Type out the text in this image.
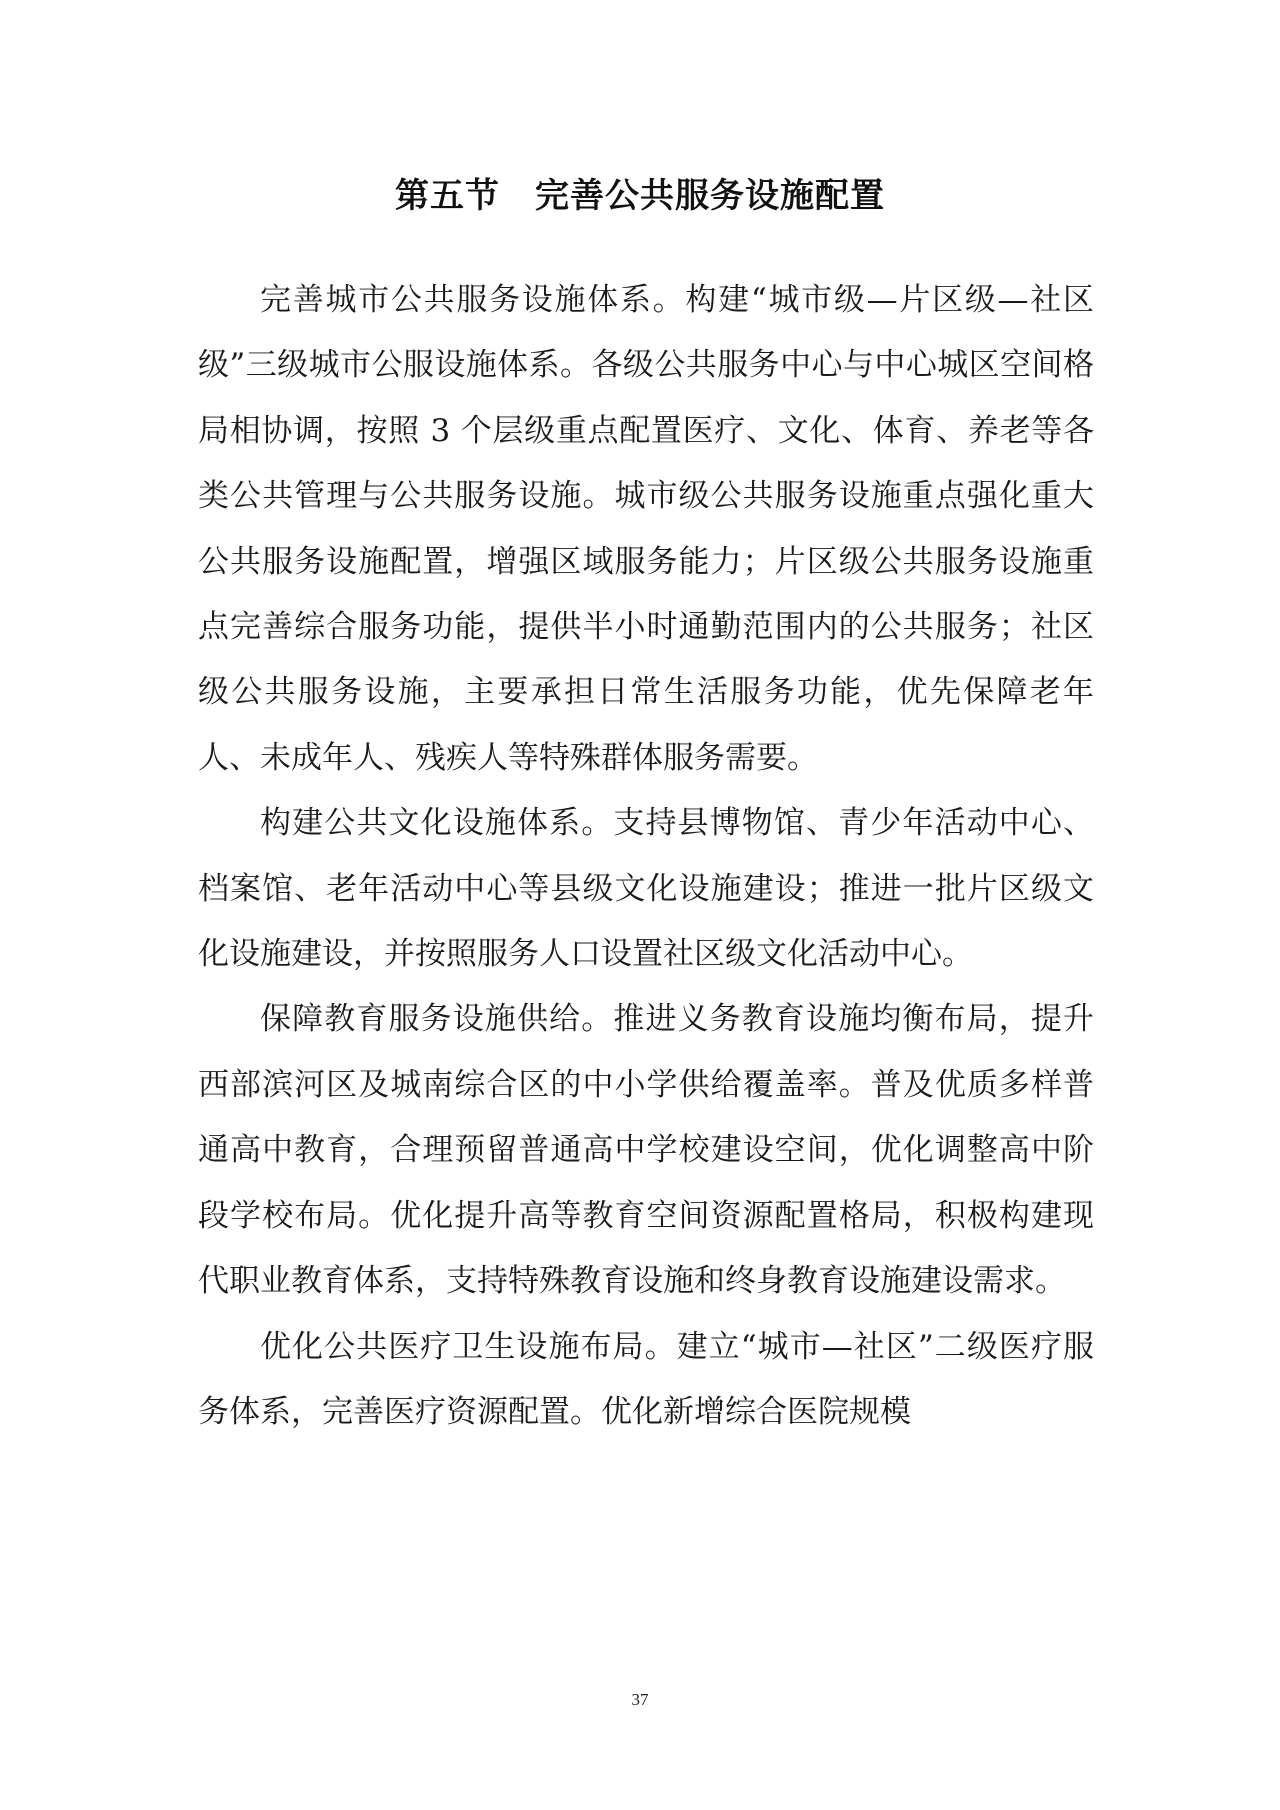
第五节　完善公共服务设施配置

完善城市公共服务设施体系。构建“城市级—片区级—社区级”三级城市公服设施体系。各级公共服务中心与中心城区空间格局相协调，按照 3 个层级重点配置医疗、文化、体育、养老等各类公共管理与公共服务设施。城市级公共服务设施重点强化重大公共服务设施配置，增强区域服务能力；片区级公共服务设施重点完善综合服务功能，提供半小时通勤范围内的公共服务；社区级公共服务设施，主要承担日常生活服务功能，优先保障老年人、未成年人、残疾人等特殊群体服务需要。

构建公共文化设施体系。支持县博物馆、青少年活动中心、档案馆、老年活动中心等县级文化设施建设；推进一批片区级文化设施建设，并按照服务人口设置社区级文化活动中心。

保障教育服务设施供给。推进义务教育设施均衡布局，提升西部滨河区及城南综合区的中小学供给覆盖率。普及优质多样普通高中教育，合理预留普通高中学校建设空间，优化调整高中阶段学校布局。优化提升高等教育空间资源配置格局，积极构建现代职业教育体系，支持特殊教育设施和终身教育设施建设需求。

优化公共医疗卫生设施布局。建立“城市—社区”二级医疗服务体系，完善医疗资源配置。优化新增综合医院规模

37
